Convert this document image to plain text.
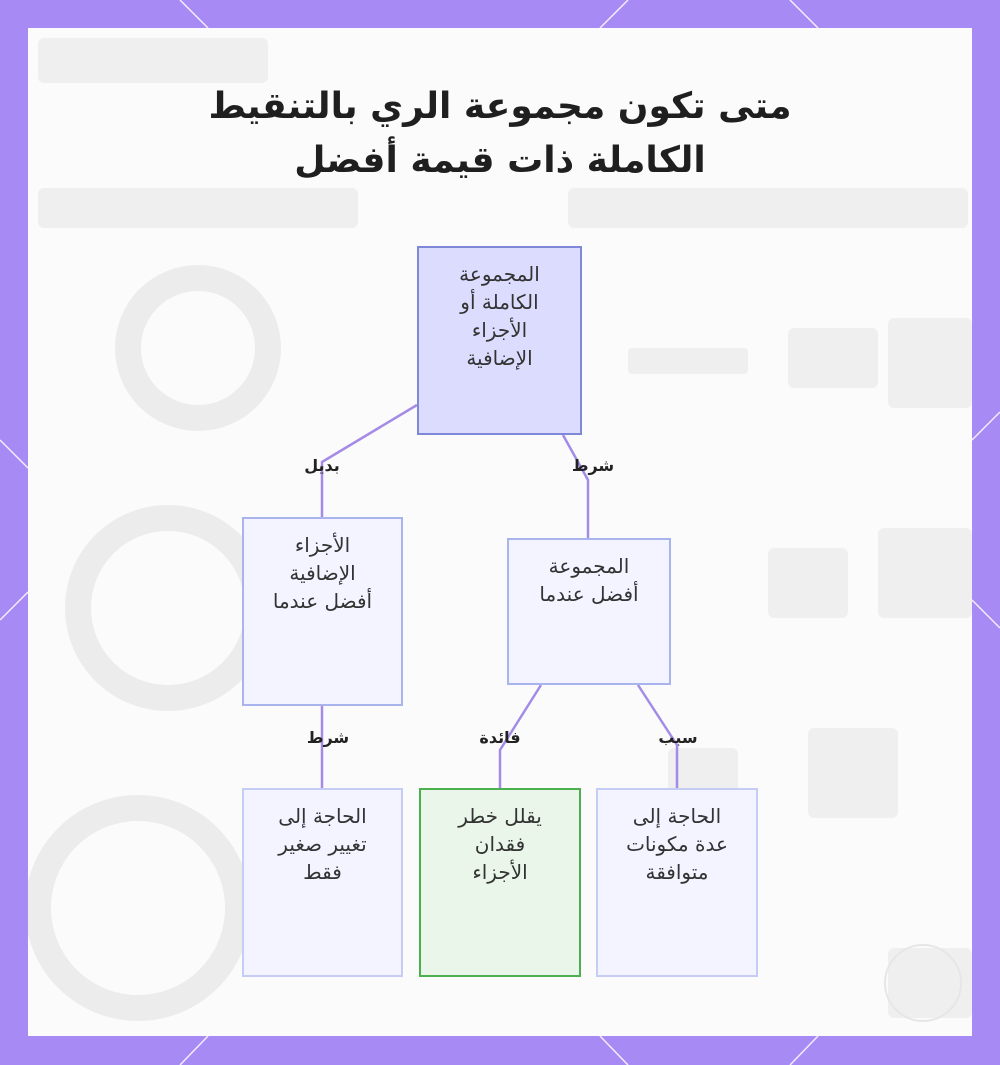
متى تكون مجموعة الري بالتنقيط
الكاملة ذات قيمة أفضل
بديل	شرط
فائدة	سبب
شرط
المجموعة الكاملة أو الأجزاء الإضافية
الأجزاء الإضافية أفضل عندما
المجموعة أفضل عندما
الحاجة إلى تغيير صغير فقط
يقلل خطر فقدان الأجزاء
الحاجة إلى عدة مكونات متوافقة
